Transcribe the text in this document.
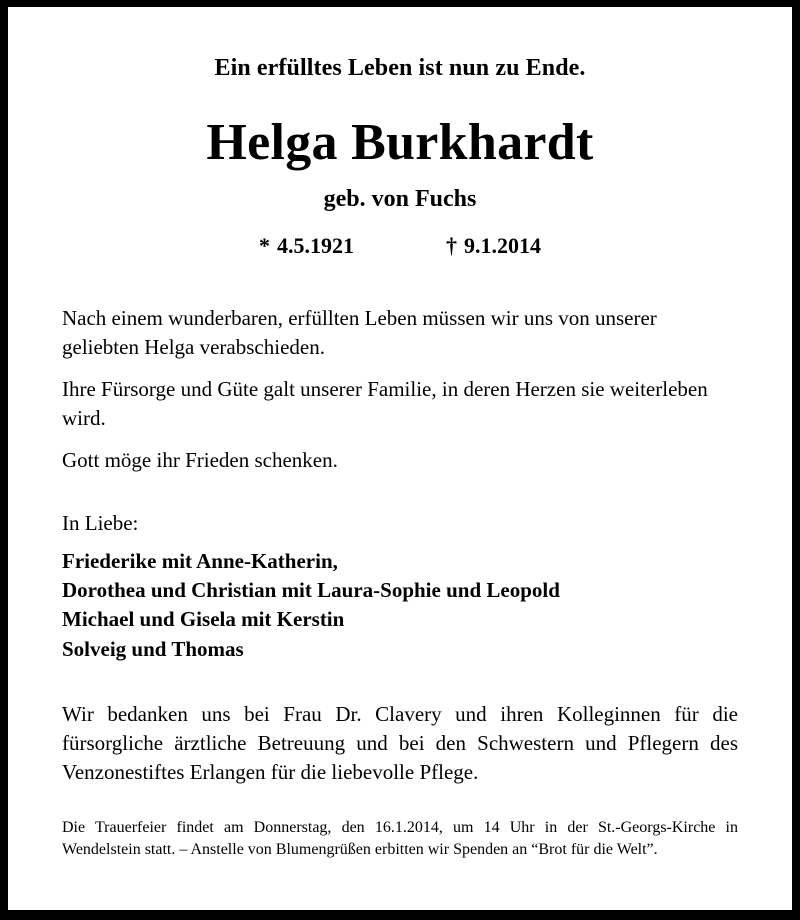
Ein erfülltes Leben ist nun zu Ende.
Helga Burkhardt
geb. von Fuchs
* 4.5.1921	† 9.1.2014

Nach einem wunderbaren, erfüllten Leben müssen wir uns von unserer geliebten Helga verabschieden.

Ihre Fürsorge und Güte galt unserer Familie, in deren Herzen sie weiterleben wird.

Gott möge ihr Frieden schenken.

In Liebe:

Friederike mit Anne-Katherin,
Dorothea und Christian mit Laura-Sophie und Leopold
Michael und Gisela mit Kerstin
Solveig und Thomas

Wir bedanken uns bei Frau Dr. Clavery und ihren Kolleginnen für die fürsorgliche ärztliche Betreuung und bei den Schwestern und Pflegern des Venzonestiftes Erlangen für die liebevolle Pflege.

Die Trauerfeier findet am Donnerstag, den 16.1.2014, um 14 Uhr in der St.-Georgs-Kirche in Wendelstein statt. – Anstelle von Blumengrüßen erbitten wir Spenden an “Brot für die Welt”.
